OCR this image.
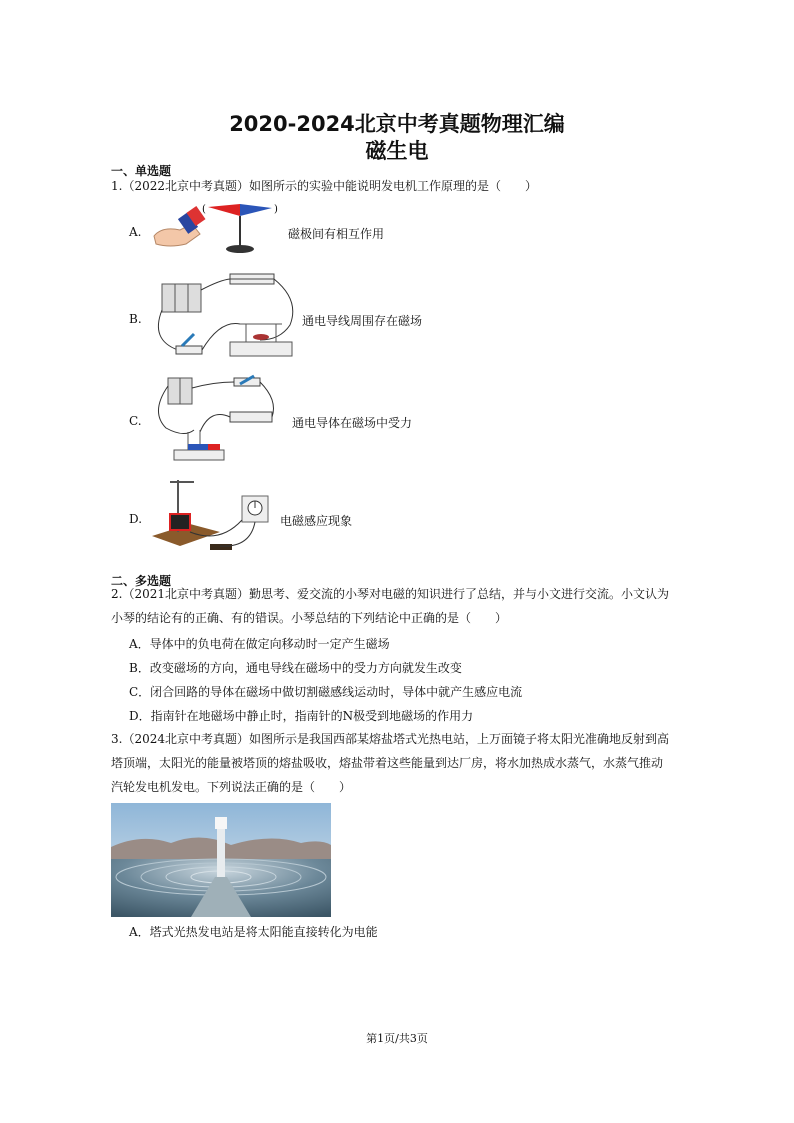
2020-2024北京中考真题物理汇编
磁生电
一、单选题
1.（2022北京中考真题）如图所示的实验中能说明发电机工作原理的是（　　）
A.
(	)
磁极间有相互作用
B.	通电导线周围存在磁场
C.	通电导体在磁场中受力
D.	电磁感应现象
二、多选题
2.（2021北京中考真题）勤思考、爱交流的小琴对电磁的知识进行了总结，并与小文进行交流。小文认为
小琴的结论有的正确、有的错误。小琴总结的下列结论中正确的是（　　）
A．导体中的负电荷在做定向移动时一定产生磁场
B．改变磁场的方向，通电导线在磁场中的受力方向就发生改变
C．闭合回路的导体在磁场中做切割磁感线运动时，导体中就产生感应电流
D．指南针在地磁场中静止时，指南针的N极受到地磁场的作用力
3.（2024北京中考真题）如图所示是我国西部某熔盐塔式光热电站，上万面镜子将太阳光准确地反射到高
塔顶端，太阳光的能量被塔顶的熔盐吸收，熔盐带着这些能量到达厂房，将水加热成水蒸气，水蒸气推动
汽轮发电机发电。下列说法正确的是（　　）
A．塔式光热发电站是将太阳能直接转化为电能
第1页/共3页
